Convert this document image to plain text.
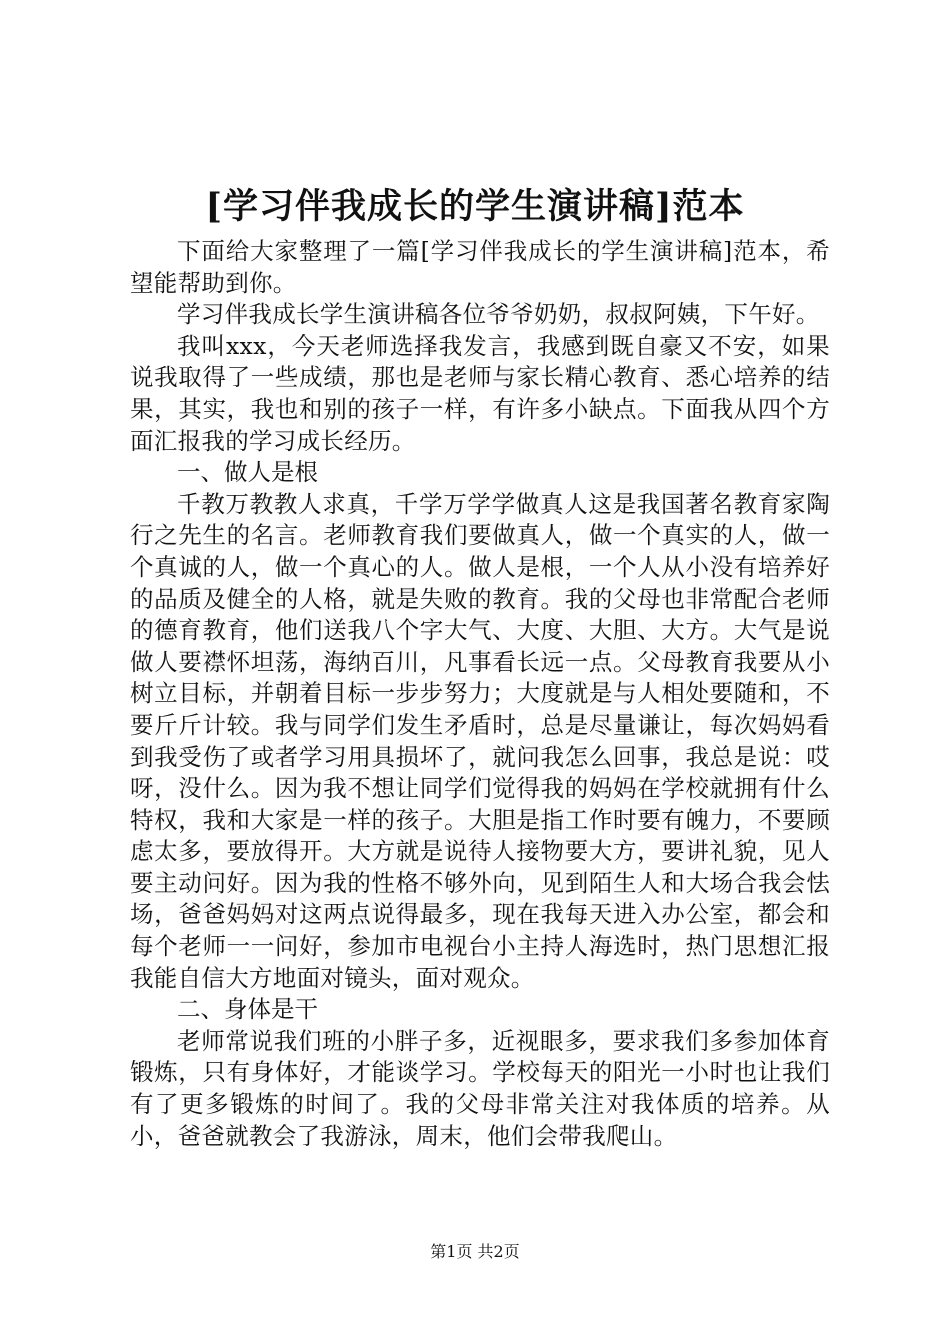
[学习伴我成长的学生演讲稿]范本

下面给大家整理了一篇[学习伴我成长的学生演讲稿]范本，希望能帮助到你。

学习伴我成长学生演讲稿各位爷爷奶奶，叔叔阿姨，下午好。

我叫xxx，今天老师选择我发言，我感到既自豪又不安，如果说我取得了一些成绩，那也是老师与家长精心教育、悉心培养的结果，其实，我也和别的孩子一样，有许多小缺点。下面我从四个方面汇报我的学习成长经历。

一、做人是根

千教万教教人求真，千学万学学做真人这是我国著名教育家陶行之先生的名言。老师教育我们要做真人，做一个真实的人，做一个真诚的人，做一个真心的人。做人是根，一个人从小没有培养好的品质及健全的人格，就是失败的教育。我的父母也非常配合老师的德育教育，他们送我八个字大气、大度、大胆、大方。大气是说做人要襟怀坦荡，海纳百川，凡事看长远一点。父母教育我要从小树立目标，并朝着目标一步步努力；大度就是与人相处要随和，不要斤斤计较。我与同学们发生矛盾时，总是尽量谦让，每次妈妈看到我受伤了或者学习用具损坏了，就问我怎么回事，我总是说：哎呀，没什么。因为我不想让同学们觉得我的妈妈在学校就拥有什么特权，我和大家是一样的孩子。大胆是指工作时要有魄力，不要顾虑太多，要放得开。大方就是说待人接物要大方，要讲礼貌，见人要主动问好。因为我的性格不够外向，见到陌生人和大场合我会怯场，爸爸妈妈对这两点说得最多，现在我每天进入办公室，都会和每个老师一一问好，参加市电视台小主持人海选时，热门思想汇报我能自信大方地面对镜头，面对观众。

二、身体是干

老师常说我们班的小胖子多，近视眼多，要求我们多参加体育锻炼，只有身体好，才能谈学习。学校每天的阳光一小时也让我们有了更多锻炼的时间了。我的父母非常关注对我体质的培养。从小，爸爸就教会了我游泳，周末，他们会带我爬山。

第1页 共2页
